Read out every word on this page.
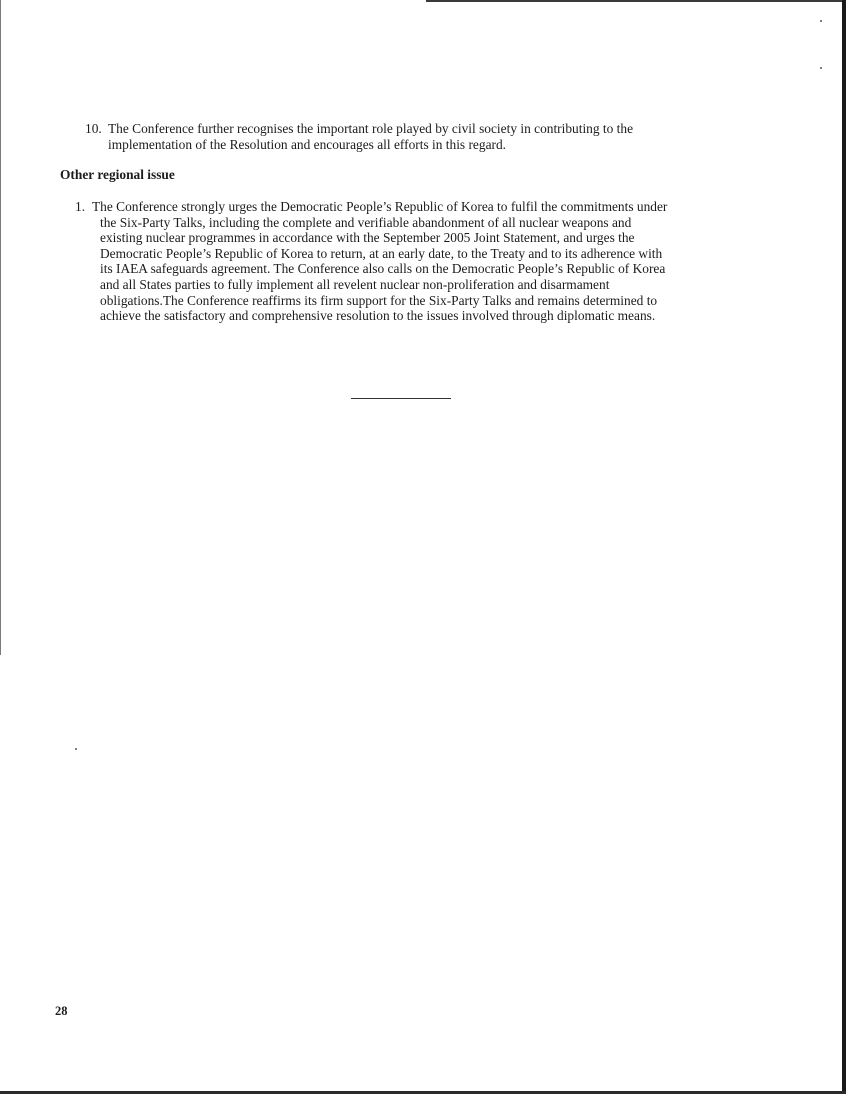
10. The Conference further recognises the important role played by civil society in contributing to the
implementation of the Resolution and encourages all efforts in this regard.
Other regional issue
1. The Conference strongly urges the Democratic People’s Republic of Korea to fulfil the commitments under
the Six-Party Talks, including the complete and verifiable abandonment of all nuclear weapons and
existing nuclear programmes in accordance with the September 2005 Joint Statement, and urges the
Democratic People’s Republic of Korea to return, at an early date, to the Treaty and to its adherence with
its IAEA safeguards agreement. The Conference also calls on the Democratic People’s Republic of Korea
and all States parties to fully implement all revelent nuclear non-proliferation and disarmament
obligations.The Conference reaffirms its firm support for the Six-Party Talks and remains determined to
achieve the satisfactory and comprehensive resolution to the issues involved through diplomatic means.
28
